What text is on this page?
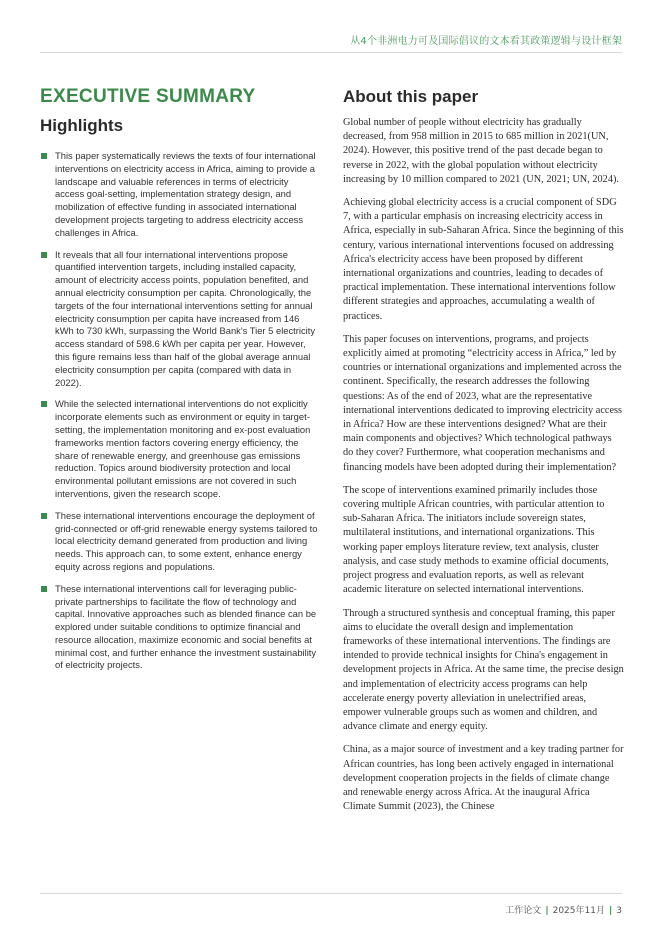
从4个非洲电力可及国际倡议的文本看其政策逻辑与设计框架
EXECUTIVE SUMMARY
Highlights
This paper systematically reviews the texts of four international interventions on electricity access in Africa, aiming to provide a landscape and valuable references in terms of electricity access goal-setting, implementation strategy design, and mobilization of effective funding in associated international development projects targeting to address electricity access challenges in Africa.
It reveals that all four international interventions propose quantified intervention targets, including installed capacity, amount of electricity access points, population benefited, and annual electricity consumption per capita. Chronologically, the targets of the four international interventions setting for annual electricity consumption per capita have increased from 146 kWh to 730 kWh, surpassing the World Bank's Tier 5 electricity access standard of 598.6 kWh per capita per year. However, this figure remains less than half of the global average annual electricity consumption per capita (compared with data in 2022).
While the selected international interventions do not explicitly incorporate elements such as environment or equity in target-setting, the implementation monitoring and ex-post evaluation frameworks mention factors covering energy efficiency, the share of renewable energy, and greenhouse gas emissions reduction. Topics around biodiversity protection and local environmental pollutant emissions are not covered in such interventions, given the research scope.
These international interventions encourage the deployment of grid-connected or off-grid renewable energy systems tailored to local electricity demand generated from production and living needs. This approach can, to some extent, enhance energy equity across regions and populations.
These international interventions call for leveraging public-private partnerships to facilitate the flow of technology and capital. Innovative approaches such as blended finance can be explored under suitable conditions to optimize financial and resource allocation, maximize economic and social benefits at minimal cost, and further enhance the investment sustainability of electricity projects.
About this paper

Global number of people without electricity has gradually decreased, from 958 million in 2015 to 685 million in 2021(UN, 2024). However, this positive trend of the past decade began to reverse in 2022, with the global population without electricity increasing by 10 million compared to 2021 (UN, 2021; UN, 2024).

Achieving global electricity access is a crucial component of SDG 7, with a particular emphasis on increasing electricity access in Africa, especially in sub-Saharan Africa. Since the beginning of this century, various international interventions focused on addressing Africa's electricity access have been proposed by different international organizations and countries, leading to decades of practical implementation. These international interventions follow different strategies and approaches, accumulating a wealth of practices.

This paper focuses on interventions, programs, and projects explicitly aimed at promoting “electricity access in Africa,” led by countries or international organizations and implemented across the continent. Specifically, the research addresses the following questions: As of the end of 2023, what are the representative international interventions dedicated to improving electricity access in Africa? How are these interventions designed? What are their main components and objectives? Which technological pathways do they cover? Furthermore, what cooperation mechanisms and financing models have been adopted during their implementation?

The scope of interventions examined primarily includes those covering multiple African countries, with particular attention to sub-Saharan Africa. The initiators include sovereign states, multilateral institutions, and international organizations. This working paper employs literature review, text analysis, cluster analysis, and case study methods to examine official documents, project progress and evaluation reports, as well as relevant academic literature on selected international interventions.

Through a structured synthesis and conceptual framing, this paper aims to elucidate the overall design and implementation frameworks of these international interventions. The findings are intended to provide technical insights for China's engagement in development projects in Africa. At the same time, the precise design and implementation of electricity access programs can help accelerate energy poverty alleviation in unelectrified areas, empower vulnerable groups such as women and children, and advance climate and energy equity.

China, as a major source of investment and a key trading partner for African countries, has long been actively engaged in international development cooperation projects in the fields of climate change and renewable energy across Africa. At the inaugural Africa Climate Summit (2023), the Chinese

工作论文 | 2025年11月 | 3
